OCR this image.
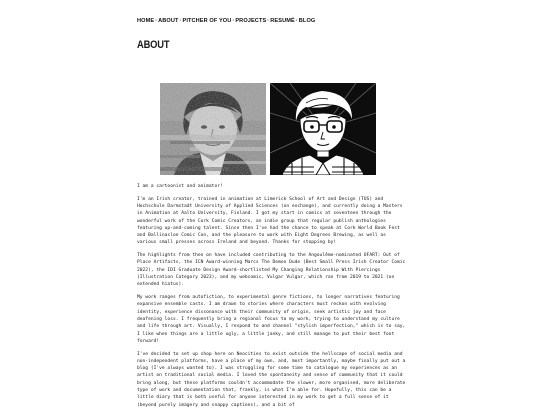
HOME·ABOUT·PITCHER OF YOU·PROJECTS·RESUMÉ·BLOG
ABOUT

I am a cartoonist and animator!

I'm an Irish creator, trained in animation at Limerick School of Art and Design (TUS) and Hochschule Darmstadt University of Applied Sciences (on exchange), and currently doing a Masters in Animation at Aalto University, Finland. I got my start in comics at seventeen through the wonderful work of the Cork Comic Creators, an indie group that regular publish anthologies featuring up-and-coming talent. Since then I've had the chance to speak at Cork World Book Fest and Ballinasloe Comic Con, and the pleasure to work with Eight Degrees Brewing, as well as various small presses across Ireland and beyond. Thanks for stopping by!

The highlights from then on have included contributing to the Angoulême-nominated OFART: Out of Place Artifacts, the ICN Award-winning Marcs The Demon Dude (Best Small Press Irish Creator Comic 2022), the IDI Graduate Design Award-shortlisted My Changing Relationship With Piercings (Illustration Category 2023), and my webcomic, Vulgar Vulgar, which ran from 2019 to 2021 (on extended hiatus).

My work ranges from autofiction, to experimental genre fictions, to longer narratives featuring expansive ensemble casts. I am drawn to stories where characters must reckon with evolving identity, experience dissonance with their community of origin, seek artistic joy and face deafening loss. I frequently bring a regional focus to my work, trying to understand my culture and life through art. Visually, I respond to and channel "stylish imperfection," which is to say, I like when things are a little ugly, a little janky, and still manage to put their best foot forward!

I've decided to set up shop here on Neocities to exist outside the hellscape of social media and non-independent platforms, have a place of my own, and, most importantly, maybe finally put out a blog (I've always wanted to). I was struggling for some time to catalogue my experiences as an artist on traditional social media. I loved the spontaneity and sense of community that it could bring along, but these platforms couldn't accommodate the slower, more organised, more deliberate type of work and documentation that, frankly, is what I'm able for. Hopefully, this can be a little diary that is both useful for anyone interested in my work to get a full sense of it (beyond purely imagery and snappy captions), and a bit of
